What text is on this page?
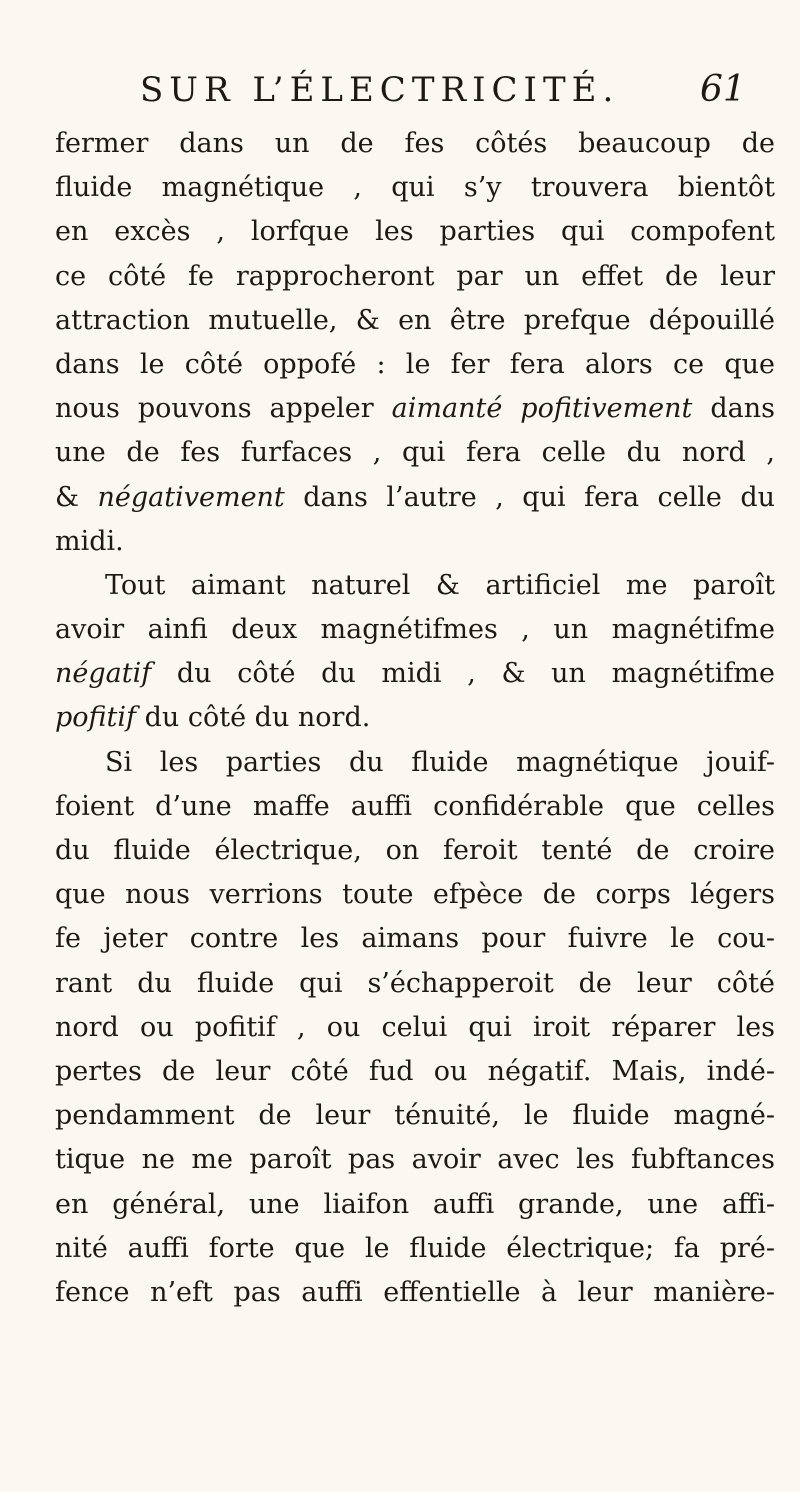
SUR L’ÉLECTRICITÉ. 61
fermer dans un de fes côtés beaucoup de
fluide magnétique , qui s’y trouvera bientôt
en excès , lorfque les parties qui compofent
ce côté fe rapprocheront par un effet de leur
attraction mutuelle, & en être prefque dépouillé
dans le côté oppofé : le fer fera alors ce que
nous pouvons appeler aimanté pofitivement dans
une de fes furfaces , qui fera celle du nord ,
& négativement dans l’autre , qui fera celle du
midi.
Tout aimant naturel & artificiel me paroît
avoir ainfi deux magnétifmes , un magnétifme
négatif du côté du midi , & un magnétifme
pofitif du côté du nord.
Si les parties du fluide magnétique jouif-
foient d’une maffe auffi confidérable que celles
du fluide électrique, on feroit tenté de croire
que nous verrions toute efpèce de corps légers
fe jeter contre les aimans pour fuivre le cou-
rant du fluide qui s’échapperoit de leur côté
nord ou pofitif , ou celui qui iroit réparer les
pertes de leur côté fud ou négatif. Mais, indé-
pendamment de leur ténuité, le fluide magné-
tique ne me paroît pas avoir avec les fubftances
en général, une liaifon auffi grande, une affi-
nité auffi forte que le fluide électrique; fa pré-
fence n’eft pas auffi effentielle à leur manière-
